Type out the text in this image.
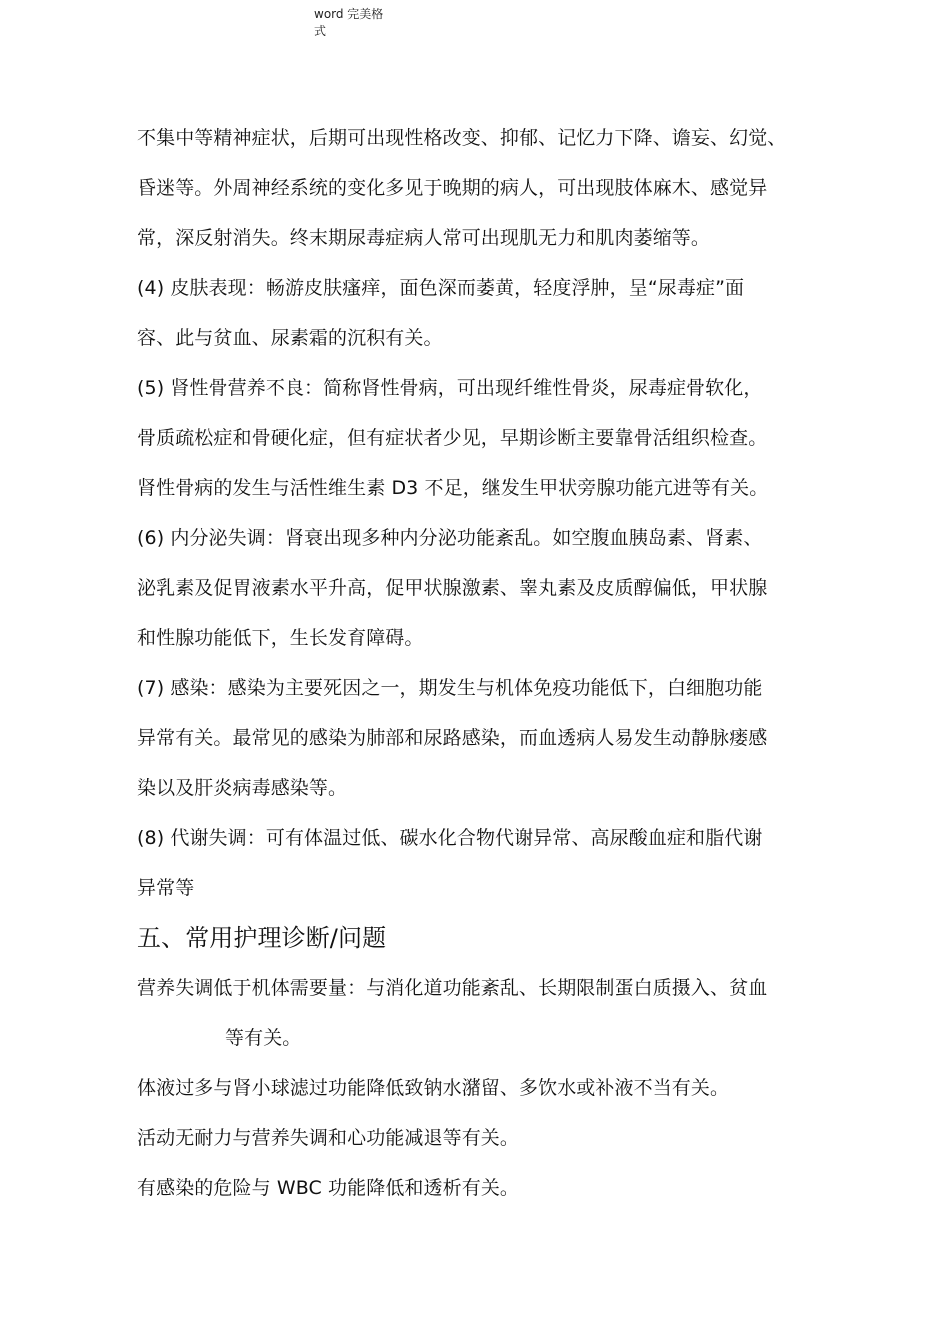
word 完美格
式
不集中等精神症状，后期可出现性格改变、抑郁、记忆力下降、谵妄、幻觉、
昏迷等。外周神经系统的变化多见于晚期的病人，可出现肢体麻木、感觉异
常，深反射消失。终末期尿毒症病人常可出现肌无力和肌肉萎缩等。
(4) 皮肤表现：畅游皮肤瘙痒，面色深而萎黄，轻度浮肿，呈“尿毒症”面
容、此与贫血、尿素霜的沉积有关。
(5) 肾性骨营养不良：简称肾性骨病，可出现纤维性骨炎，尿毒症骨软化，
骨质疏松症和骨硬化症，但有症状者少见，早期诊断主要靠骨活组织检查。
肾性骨病的发生与活性维生素 D3 不足，继发生甲状旁腺功能亢进等有关。
(6) 内分泌失调：肾衰出现多种内分泌功能紊乱。如空腹血胰岛素、肾素、
泌乳素及促胃液素水平升高，促甲状腺激素、睾丸素及皮质醇偏低，甲状腺
和性腺功能低下，生长发育障碍。
(7) 感染：感染为主要死因之一，期发生与机体免疫功能低下，白细胞功能
异常有关。最常见的感染为肺部和尿路感染，而血透病人易发生动静脉瘘感
染以及肝炎病毒感染等。
(8) 代谢失调：可有体温过低、碳水化合物代谢异常、高尿酸血症和脂代谢
异常等
五、常用护理诊断/问题
营养失调低于机体需要量：与消化道功能紊乱、长期限制蛋白质摄入、贫血
等有关。
体液过多与肾小球滤过功能降低致钠水潴留、多饮水或补液不当有关。
活动无耐力与营养失调和心功能减退等有关。
有感染的危险与 WBC 功能降低和透析有关。
